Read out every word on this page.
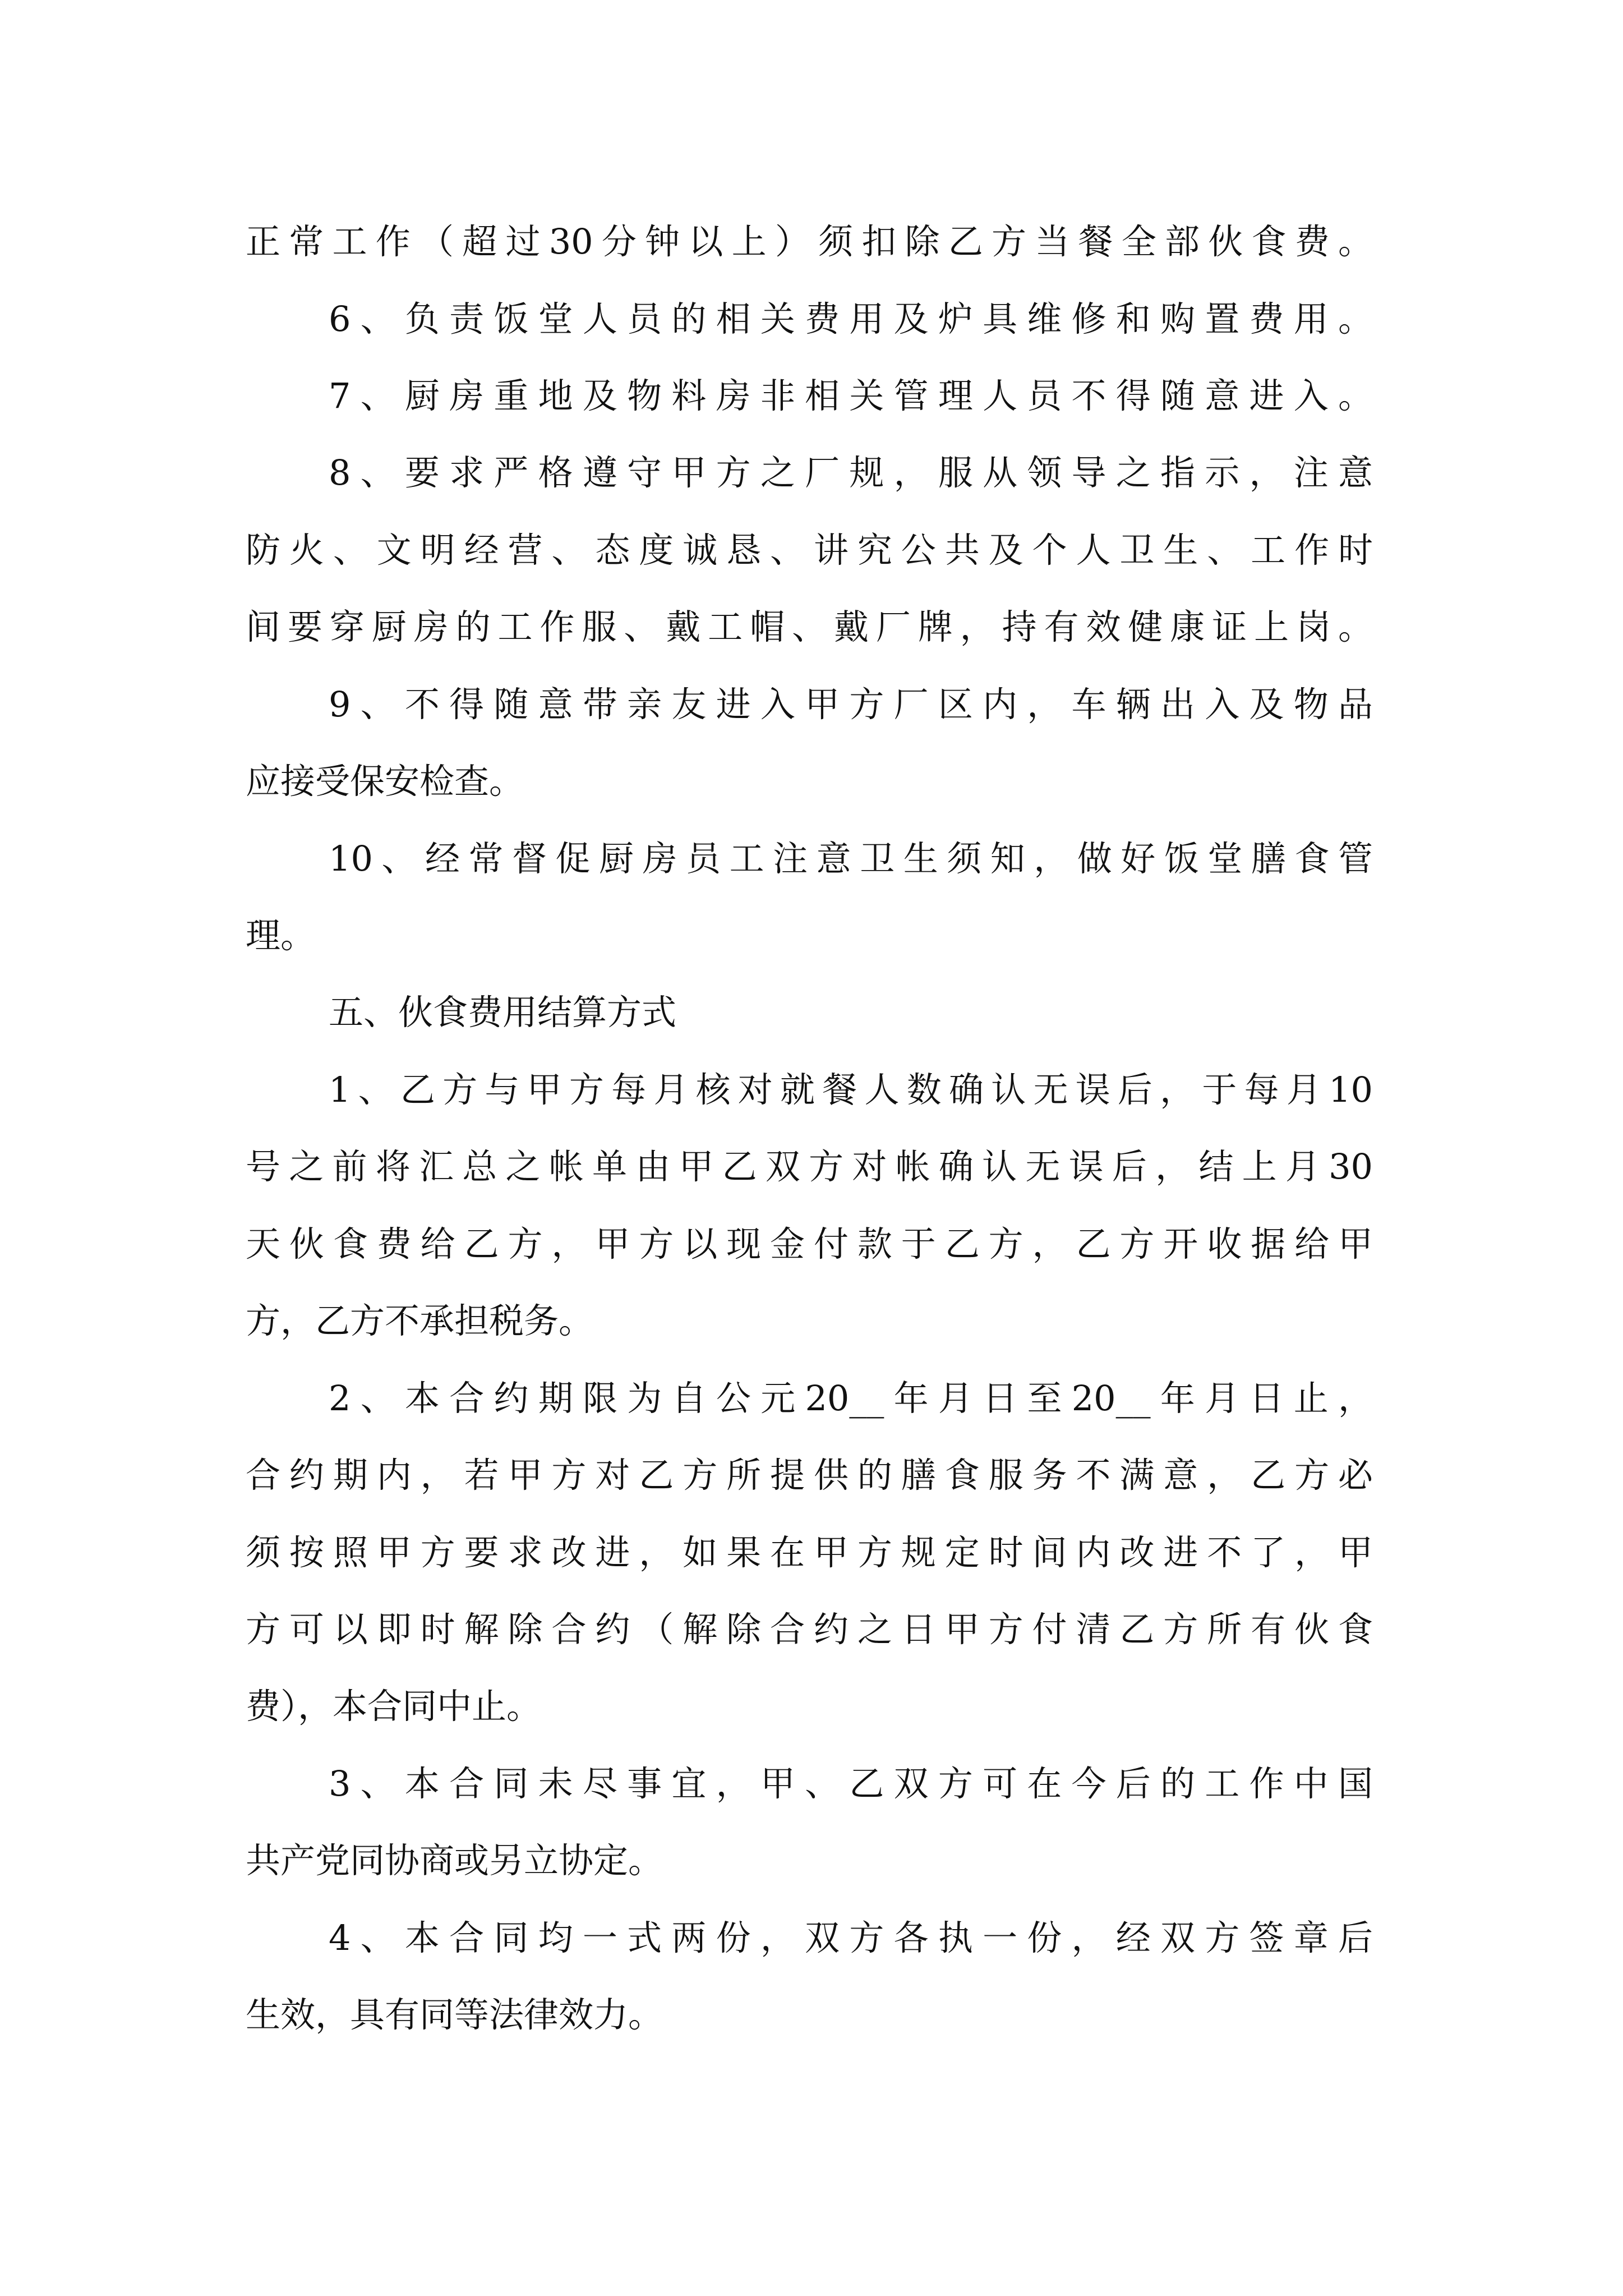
正常工作（超过30分钟以上）须扣除乙方当餐全部伙食费。
6、负责饭堂人员的相关费用及炉具维修和购置费用。
7、厨房重地及物料房非相关管理人员不得随意进入。
8、要求严格遵守甲方之厂规，服从领导之指示，注意
防火、文明经营、态度诚恳、讲究公共及个人卫生、工作时
间要穿厨房的工作服、戴工帽、戴厂牌，持有效健康证上岗。
9、不得随意带亲友进入甲方厂区内，车辆出入及物品
应接受保安检查。
10、经常督促厨房员工注意卫生须知，做好饭堂膳食管
理。
五、伙食费用结算方式
1、乙方与甲方每月核对就餐人数确认无误后，于每月10
号之前将汇总之帐单由甲乙双方对帐确认无误后，结上月30
天伙食费给乙方，甲方以现金付款于乙方，乙方开收据给甲
方，乙方不承担税务。
2、本合约期限为自公元20__年月日至20__年月日止，
合约期内，若甲方对乙方所提供的膳食服务不满意，乙方必
须按照甲方要求改进，如果在甲方规定时间内改进不了，甲
方可以即时解除合约（解除合约之日甲方付清乙方所有伙食
费），本合同中止。
3、本合同未尽事宜，甲、乙双方可在今后的工作中国
共产党同协商或另立协定。
4、本合同均一式两份，双方各执一份，经双方签章后
生效，具有同等法律效力。
